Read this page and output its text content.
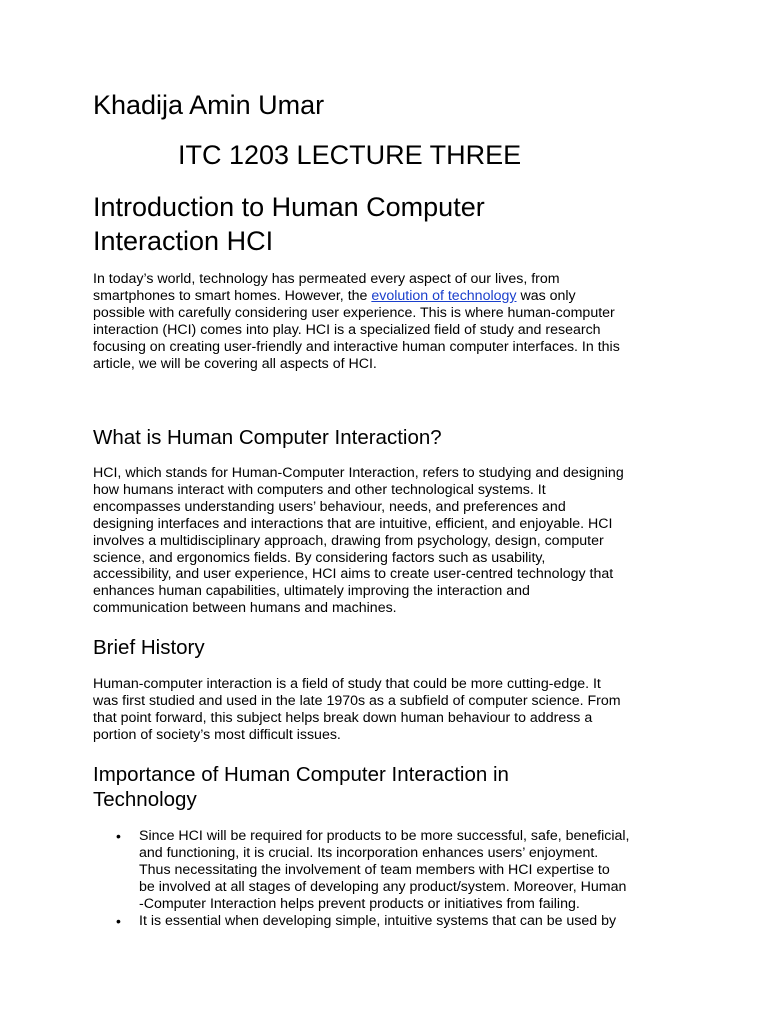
Khadija Amin Umar
ITC 1203 LECTURE THREE
Introduction to Human Computer
Interaction HCI

In today’s world, technology has permeated every aspect of our lives, from
smartphones to smart homes. However, the evolution of technology was only
possible with carefully considering user experience. This is where human-computer
interaction (HCI) comes into play. HCI is a specialized field of study and research
focusing on creating user-friendly and interactive human computer interfaces. In this
article, we will be covering all aspects of HCI.

What is Human Computer Interaction?

HCI, which stands for Human-Computer Interaction, refers to studying and designing
how humans interact with computers and other technological systems. It
encompasses understanding users’ behaviour, needs, and preferences and
designing interfaces and interactions that are intuitive, efficient, and enjoyable. HCI
involves a multidisciplinary approach, drawing from psychology, design, computer
science, and ergonomics fields. By considering factors such as usability,
accessibility, and user experience, HCI aims to create user-centred technology that
enhances human capabilities, ultimately improving the interaction and
communication between humans and machines.

Brief History

Human-computer interaction is a field of study that could be more cutting-edge. It
was first studied and used in the late 1970s as a subfield of computer science. From
that point forward, this subject helps break down human behaviour to address a
portion of society’s most difficult issues.

Importance of Human Computer Interaction in
Technology
• Since HCI will be required for products to be more successful, safe, beneficial,
and functioning, it is crucial. Its incorporation enhances users’ enjoyment.
Thus necessitating the involvement of team members with HCI expertise to
be involved at all stages of developing any product/system. Moreover, Human
-Computer Interaction helps prevent products or initiatives from failing.
• It is essential when developing simple, intuitive systems that can be used by
